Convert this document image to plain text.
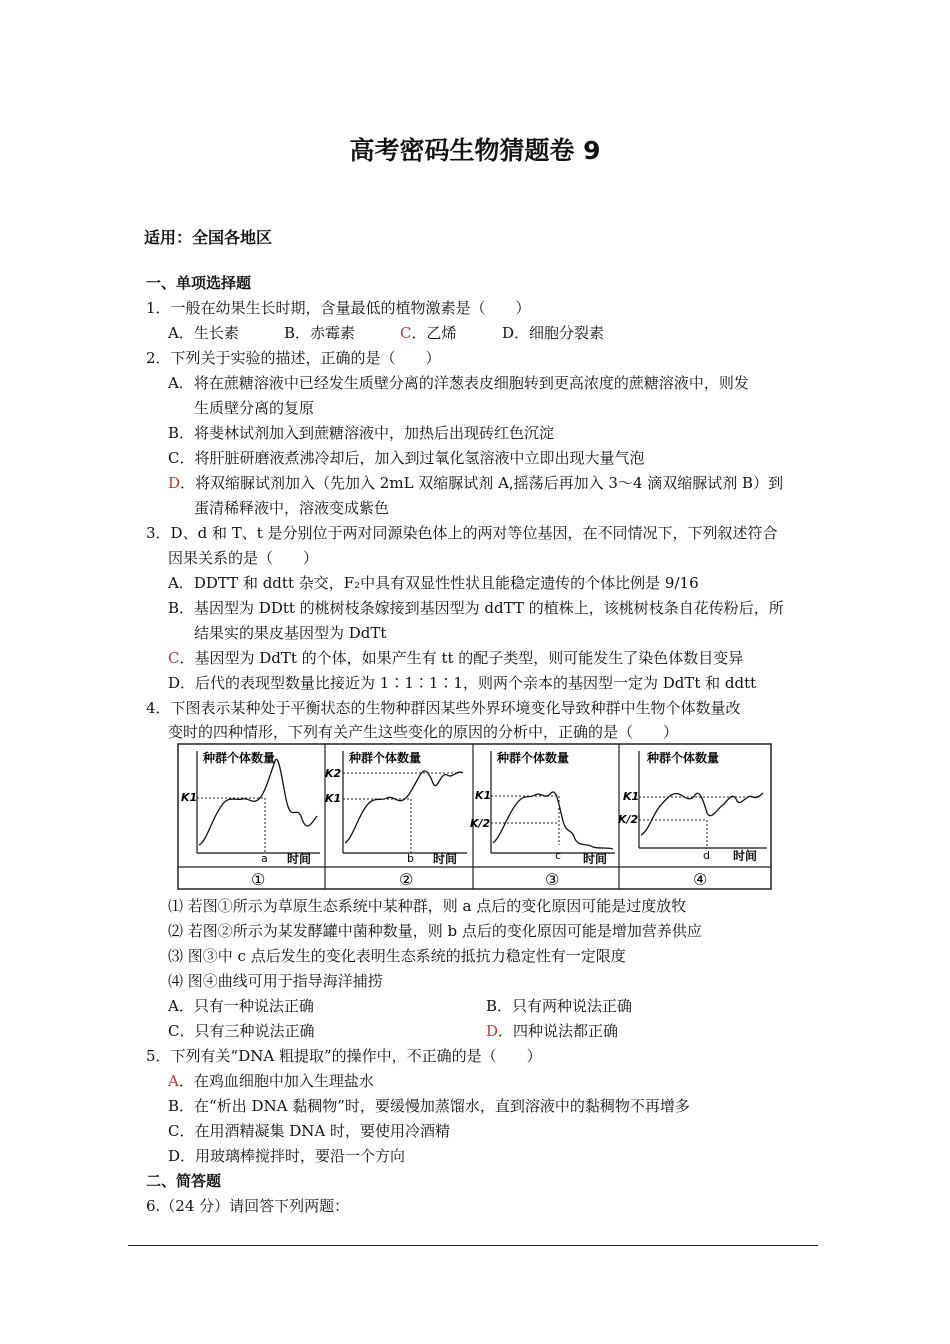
高考密码生物猜题卷 9
适用：全国各地区
一、单项选择题
1．一般在幼果生长时期，含量最低的植物激素是（　　）
A．生长素	B．赤霉素	C．乙烯	D．细胞分裂素
2．下列关于实验的描述，正确的是（　　）
A．将在蔗糖溶液中已经发生质壁分离的洋葱表皮细胞转到更高浓度的蔗糖溶液中，则发
生质壁分离的复原
B．将斐林试剂加入到蔗糖溶液中，加热后出现砖红色沉淀
C．将肝脏研磨液煮沸冷却后，加入到过氧化氢溶液中立即出现大量气泡
D．将双缩脲试剂加入（先加入 2mL 双缩脲试剂 A,摇荡后再加入 3～4 滴双缩脲试剂 B）到
蛋清稀释液中，溶液变成紫色
3．D、d 和 T、t 是分别位于两对同源染色体上的两对等位基因，在不同情况下，下列叙述符合
因果关系的是（　　）
A．DDTT 和 ddtt 杂交，F₂中具有双显性性状且能稳定遗传的个体比例是 9/16
B．基因型为 DDtt 的桃树枝条嫁接到基因型为 ddTT 的植株上，该桃树枝条自花传粉后，所
结果实的果皮基因型为 DdTt
C．基因型为 DdTt 的个体，如果产生有 tt 的配子类型，则可能发生了染色体数目变异
D．后代的表现型数量比接近为 1∶1∶1∶1，则两个亲本的基因型一定为 DdTt 和 ddtt
4．下图表示某种处于平衡状态的生物种群因某些外界环境变化导致种群中生物个体数量改
变时的四种情形，下列有关产生这些变化的原因的分析中，正确的是（　　）
种群个体数量
时间
K1
a
①
种群个体数量
时间
K2
K1
b
②
种群个体数量
时间
K1
K/2
c
③
种群个体数量
时间
K1
K/2
d
④
⑴ 若图①所示为草原生态系统中某种群，则 a 点后的变化原因可能是过度放牧
⑵ 若图②所示为某发酵罐中菌种数量，则 b 点后的变化原因可能是增加营养供应
⑶ 图③中 c 点后发生的变化表明生态系统的抵抗力稳定性有一定限度
⑷ 图④曲线可用于指导海洋捕捞
A．只有一种说法正确	B．只有两种说法正确
C．只有三种说法正确	D．四种说法都正确
5．下列有关“DNA 粗提取”的操作中，不正确的是（　　）
A．在鸡血细胞中加入生理盐水
B．在“析出 DNA 黏稠物”时，要缓慢加蒸馏水，直到溶液中的黏稠物不再增多
C．在用酒精凝集 DNA 时，要使用冷酒精
D．用玻璃棒搅拌时，要沿一个方向
二、简答题
6.（24 分）请回答下列两题：
